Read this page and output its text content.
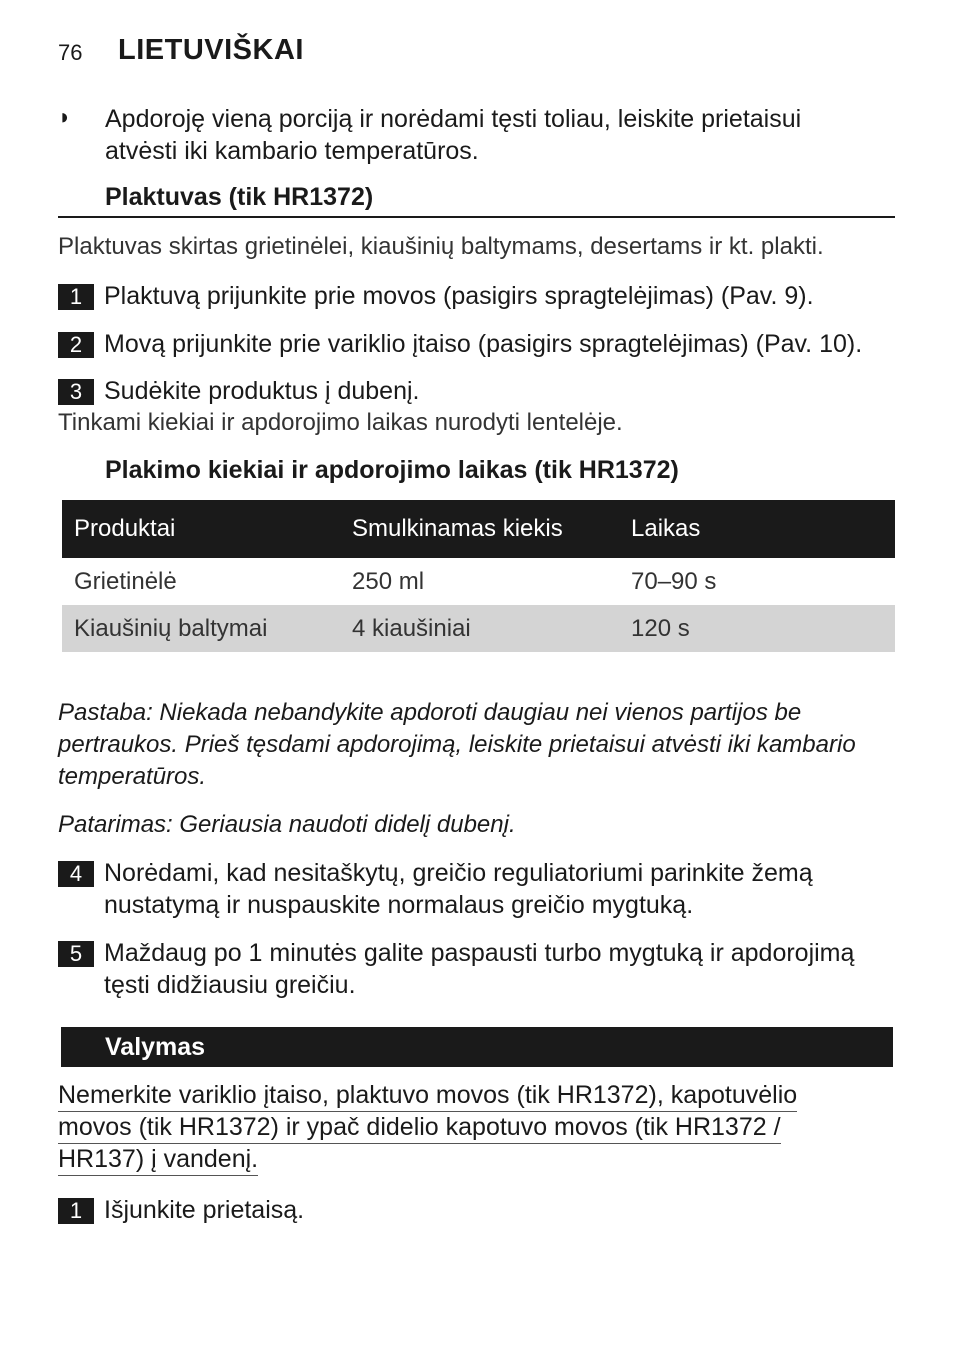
76 LIETUVIŠKAI
◗ Apdoroję vieną porciją ir norėdami tęsti toliau, leiskite prietaisui
atvėsti iki kambario temperatūros.
Plaktuvas (tik HR1372)
Plaktuvas skirtas grietinėlei, kiaušinių baltymams, desertams ir kt. plakti.
1 Plaktuvą prijunkite prie movos (pasigirs spragtelėjimas) (Pav. 9).
2 Movą prijunkite prie variklio įtaiso (pasigirs spragtelėjimas) (Pav. 10).
3 Sudėkite produktus į dubenį.
Tinkami kiekiai ir apdorojimo laikas nurodyti lentelėje.
Plakimo kiekiai ir apdorojimo laikas (tik HR1372)
Produktai	Smulkinamas kiekis	Laikas
Grietinėlė	250 ml	70–90 s
Kiaušinių baltymai	4 kiaušiniai	120 s
Pastaba: Niekada nebandykite apdoroti daugiau nei vienos partijos be
pertraukos. Prieš tęsdami apdorojimą, leiskite prietaisui atvėsti iki kambario
temperatūros.
Patarimas: Geriausia naudoti didelį dubenį.
4 Norėdami, kad nesitaškytų, greičio reguliatoriumi parinkite žemą
nustatymą ir nuspauskite normalaus greičio mygtuką.
5 Maždaug po 1 minutės galite paspausti turbo mygtuką ir apdorojimą
tęsti didžiausiu greičiu.
Valymas
Nemerkite variklio įtaiso, plaktuvo movos (tik HR1372), kapotuvėlio
movos (tik HR1372) ir ypač didelio kapotuvo movos (tik HR1372 /
HR137) į vandenį.
1 Išjunkite prietaisą.
